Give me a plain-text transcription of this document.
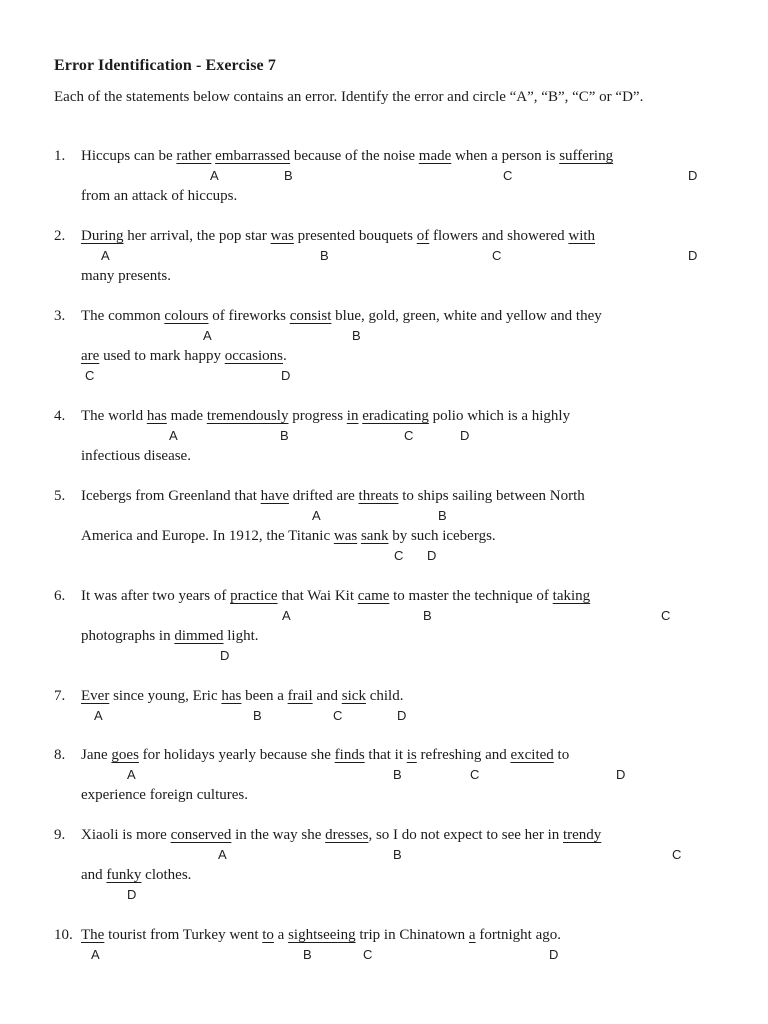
Error Identification - Exercise 7
Each of the statements below contains an error. Identify the error and circle “A”, “B”, “C” or “D”.
1. Hiccups can be rather embarrassed because of the noise made when a person is suffering
from an attack of hiccups.
A	B	C	D
2. During her arrival, the pop star was presented bouquets of flowers and showered with
many presents.
A	B	C	D
3. The common colours of fireworks consist blue, gold, green, white and yellow and they
are used to mark happy occasions.
A	B
C	D
4. The world has made tremendously progress in eradicating polio which is a highly
infectious disease.
A	B	C	D
5. Icebergs from Greenland that have drifted are threats to ships sailing between North
America and Europe. In 1912, the Titanic was sank by such icebergs.
A	B
C D
6. It was after two years of practice that Wai Kit came to master the technique of taking
photographs in dimmed light.
A	B	C
D
7. Ever since young, Eric has been a frail and sick child.
A	B	C	D
8. Jane goes for holidays yearly because she finds that it is refreshing and excited to
experience foreign cultures.
A	B	C	D
9. Xiaoli is more conserved in the way she dresses, so I do not expect to see her in trendy
and funky clothes.
A	B	C
D
10. The tourist from Turkey went to a sightseeing trip in Chinatown a fortnight ago.
A	B	C	D
